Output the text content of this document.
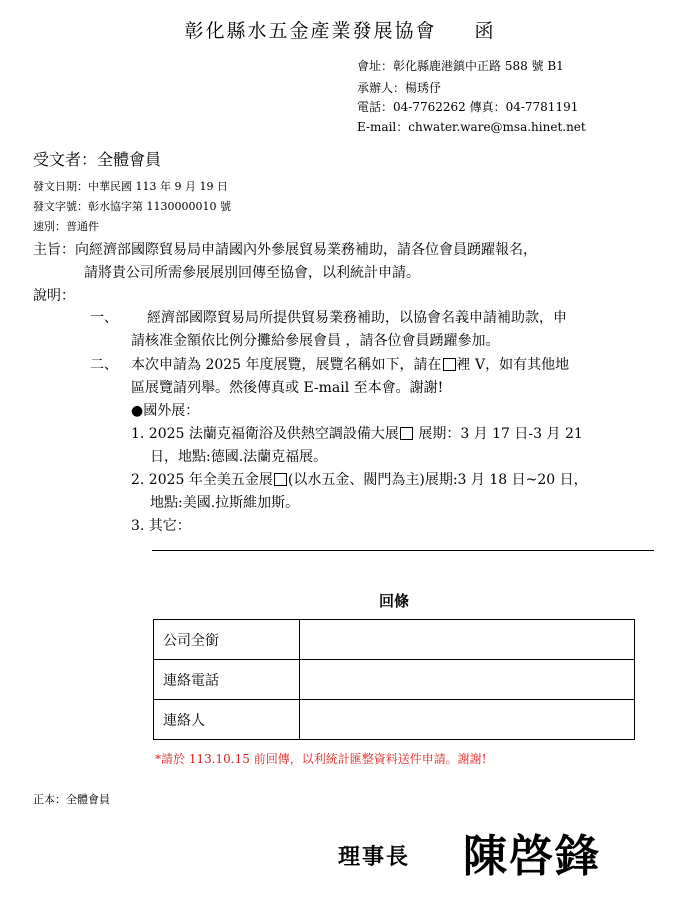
彰化縣水五金產業發展協會 函
會址：彰化縣鹿港鎮中正路 588 號 B1
承辦人：楊琇伃
電話：04-7762262 傳真：04-7781191
E-mail：chwater.ware@msa.hinet.net
受文者：全體會員
發文日期：中華民國 113 年 9 月 19 日
發文字號：彰水協字第 1130000010 號
速別：普通件
主旨：向經濟部國際貿易局申請國內外參展貿易業務補助，請各位會員踴躍報名，
請將貴公司所需參展展別回傳至協會，以利統計申請。
說明：
一、 經濟部國際貿易局所提供貿易業務補助，以協會名義申請補助款，申
請核准金額依比例分攤給參展會員 ，請各位會員踴躍參加。
二、 本次申請為 2025 年度展覽，展覽名稱如下，請在 裡 V，如有其他地
區展覽請列舉。然後傳真或 E-mail 至本會。謝謝!
●國外展：
1. 2025 法蘭克福衛浴及供熱空調設備大展 展期：3 月 17 日-3 月 21
日，地點:德國.法蘭克福展。
2. 2025 年全美五金展 (以水五金、閥門為主)展期:3 月 18 日~20 日，
地點:美國.拉斯維加斯。
3. 其它：
回條
公司全銜	
連絡電話	
連絡人	
*請於 113.10.15 前回傳，以利統計匯整資料送件申請。謝謝!
正本：全體會員
理事長 陳啓鋒
